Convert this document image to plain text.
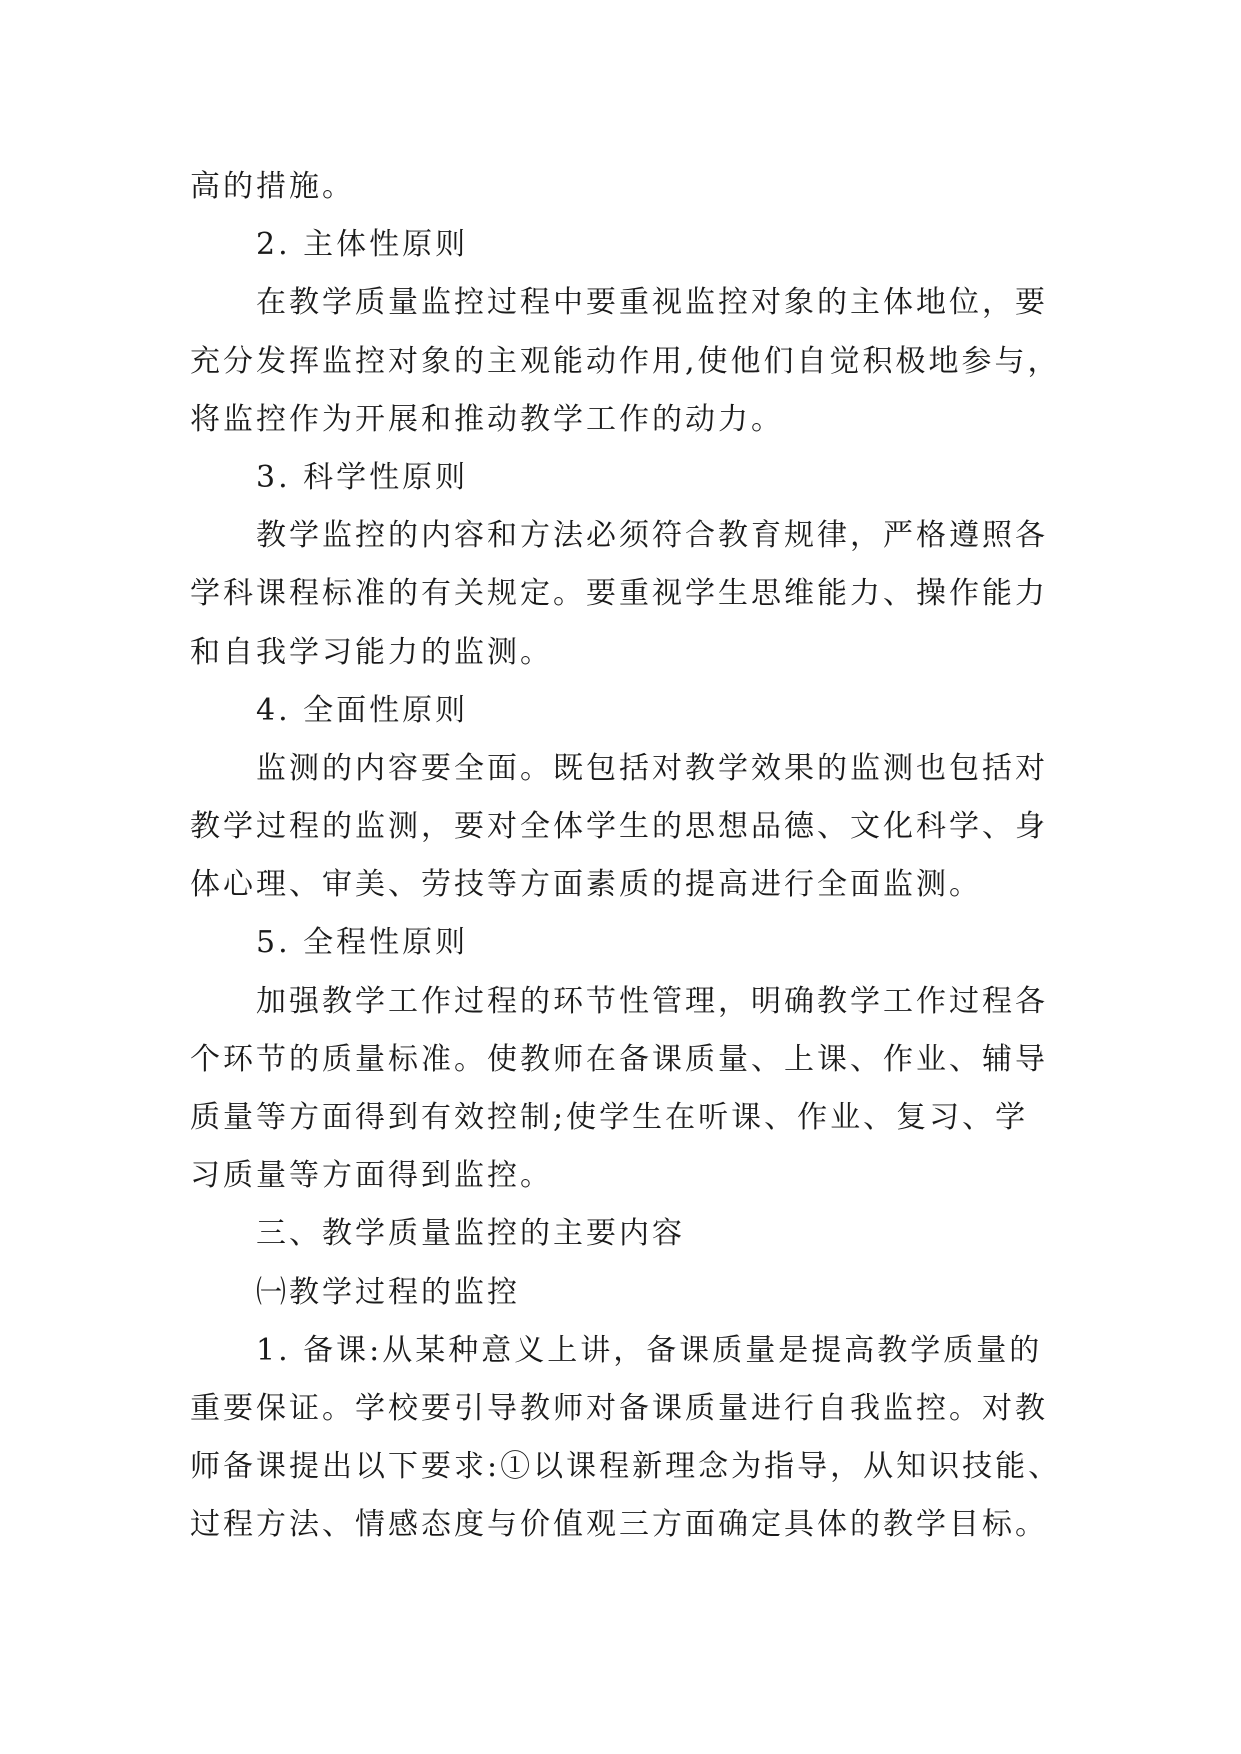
高的措施。
2. 主体性原则
在教学质量监控过程中要重视监控对象的主体地位，要
充分发挥监控对象的主观能动作用,使他们自觉积极地参与，
将监控作为开展和推动教学工作的动力。
3. 科学性原则
教学监控的内容和方法必须符合教育规律，严格遵照各
学科课程标准的有关规定。要重视学生思维能力、操作能力
和自我学习能力的监测。
4. 全面性原则
监测的内容要全面。既包括对教学效果的监测也包括对
教学过程的监测，要对全体学生的思想品德、文化科学、身
体心理、审美、劳技等方面素质的提高进行全面监测。
5. 全程性原则
加强教学工作过程的环节性管理，明确教学工作过程各
个环节的质量标准。使教师在备课质量、上课、作业、辅导
质量等方面得到有效控制;使学生在听课、作业、复习、学
习质量等方面得到监控。
三、教学质量监控的主要内容
㈠教学过程的监控
1. 备课:从某种意义上讲，备课质量是提高教学质量的
重要保证。学校要引导教师对备课质量进行自我监控。对教
师备课提出以下要求:①以课程新理念为指导，从知识技能、
过程方法、情感态度与价值观三方面确定具体的教学目标。
